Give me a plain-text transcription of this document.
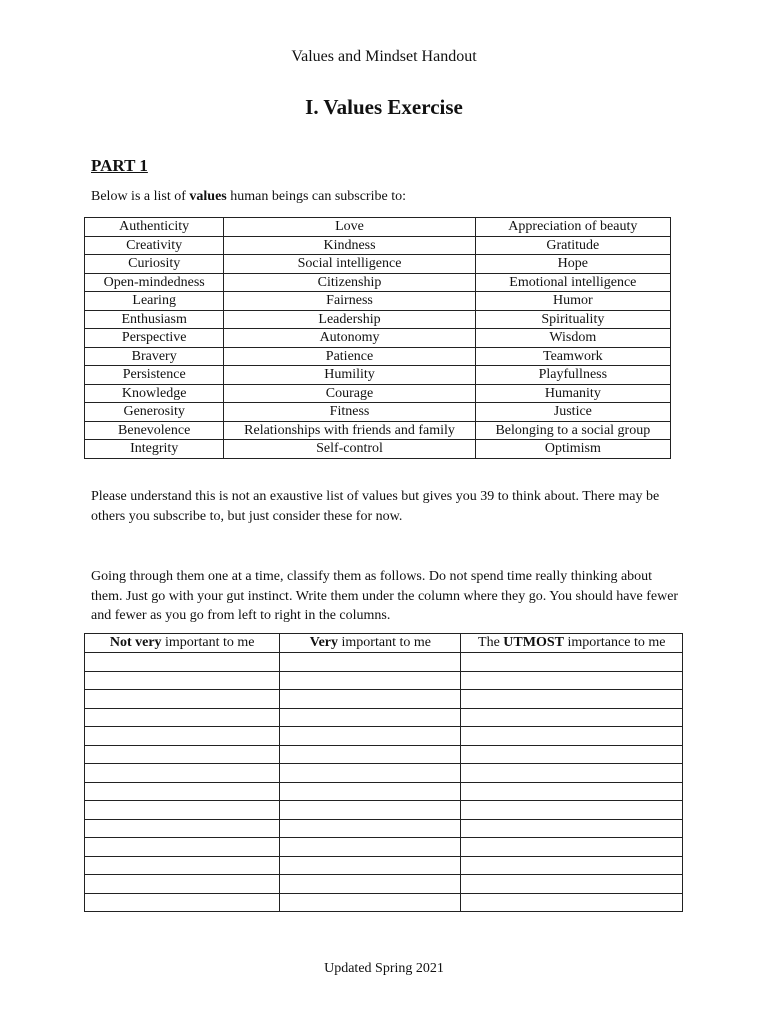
Values and Mindset Handout
I. Values Exercise
PART 1
Below is a list of values human beings can subscribe to:
Authenticity	Love	Appreciation of beauty
Creativity	Kindness	Gratitude
Curiosity	Social intelligence	Hope
Open-mindedness	Citizenship	Emotional intelligence
Learing	Fairness	Humor
Enthusiasm	Leadership	Spirituality
Perspective	Autonomy	Wisdom
Bravery	Patience	Teamwork
Persistence	Humility	Playfullness
Knowledge	Courage	Humanity
Generosity	Fitness	Justice
Benevolence	Relationships with friends and family	Belonging to a social group
Integrity	Self-control	Optimism
Please understand this is not an exaustive list of values but gives you 39 to think about. There may be others you subscribe to, but just consider these for now.
Going through them one at a time, classify them as follows. Do not spend time really thinking about them. Just go with your gut instinct. Write them under the column where they go. You should have fewer and fewer as you go from left to right in the columns.
Not very important to me	Very important to me	The UTMOST importance to me

Updated Spring 2021
